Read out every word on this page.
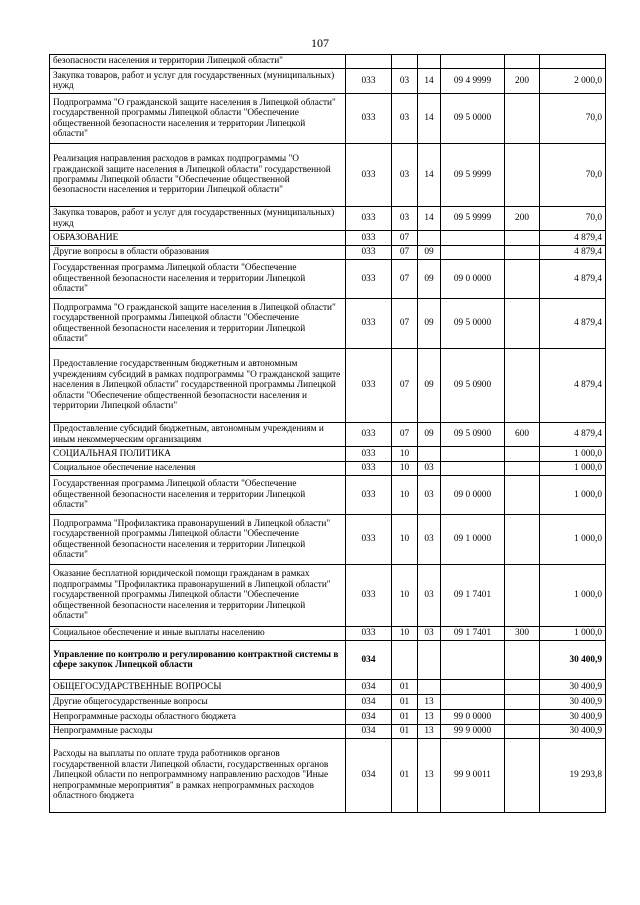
107
безопасности населения и территории Липецкой области"						
Закупка товаров, работ и услуг для государственных (муниципальных) нужд	033	03	14	09 4 9999	200	2 000,0
Подпрограмма "О гражданской защите населения в Липецкой области" государственной программы Липецкой области "Обеспечение общественной безопасности населения и территории Липецкой области"	033	03	14	09 5 0000		70,0
Реализация направления расходов в рамках подпрограммы "О гражданской защите населения в Липецкой области" государственной программы Липецкой области "Обеспечение общественной безопасности населения и территории Липецкой области"	033	03	14	09 5 9999		70,0
Закупка товаров, работ и услуг для государственных (муниципальных) нужд	033	03	14	09 5 9999	200	70,0
ОБРАЗОВАНИЕ	033	07				4 879,4
Другие вопросы в области образования	033	07	09			4 879,4
Государственная программа Липецкой области "Обеспечение общественной безопасности населения и территории Липецкой области"	033	07	09	09 0 0000		4 879,4
Подпрограмма "О гражданской защите населения в Липецкой области" государственной программы Липецкой области "Обеспечение общественной безопасности населения и территории Липецкой области"	033	07	09	09 5 0000		4 879,4
Предоставление государственным бюджетным и автономным учреждениям субсидий в рамках подпрограммы "О гражданской защите населения в Липецкой области" государственной программы Липецкой области "Обеспечение общественной безопасности населения и территории Липецкой области"	033	07	09	09 5 0900		4 879,4
Предоставление субсидий бюджетным, автономным учреждениям и иным некоммерческим организациям	033	07	09	09 5 0900	600	4 879,4
СОЦИАЛЬНАЯ ПОЛИТИКА	033	10				1 000,0
Социальное обеспечение населения	033	10	03			1 000,0
Государственная программа Липецкой области "Обеспечение общественной безопасности населения и территории Липецкой области"	033	10	03	09 0 0000		1 000,0
Подпрограмма "Профилактика правонарушений в Липецкой области" государственной программы Липецкой области "Обеспечение общественной безопасности населения и территории Липецкой области"	033	10	03	09 1 0000		1 000,0
Оказание бесплатной юридической помощи гражданам в рамках подпрограммы "Профилактика правонарушений в Липецкой области" государственной программы Липецкой области "Обеспечение общественной безопасности населения и территории Липецкой области"	033	10	03	09 1 7401		1 000,0
Социальное обеспечение и иные выплаты населению	033	10	03	09 1 7401	300	1 000,0
Управление по контролю и регулированию контрактной системы в сфере закупок Липецкой области	034					30 400,9
ОБЩЕГОСУДАРСТВЕННЫЕ ВОПРОСЫ	034	01				30 400,9
Другие общегосударственные вопросы	034	01	13			30 400,9
Непрограммные расходы областного бюджета	034	01	13	99 0 0000		30 400,9
Непрограммные расходы	034	01	13	99 9 0000		30 400,9
Расходы на выплаты по оплате труда работников органов государственной власти Липецкой области, государственных органов Липецкой области по непрограммному направлению расходов "Иные непрограммные мероприятия" в рамках непрограммных расходов областного бюджета	034	01	13	99 9 0011		19 293,8
